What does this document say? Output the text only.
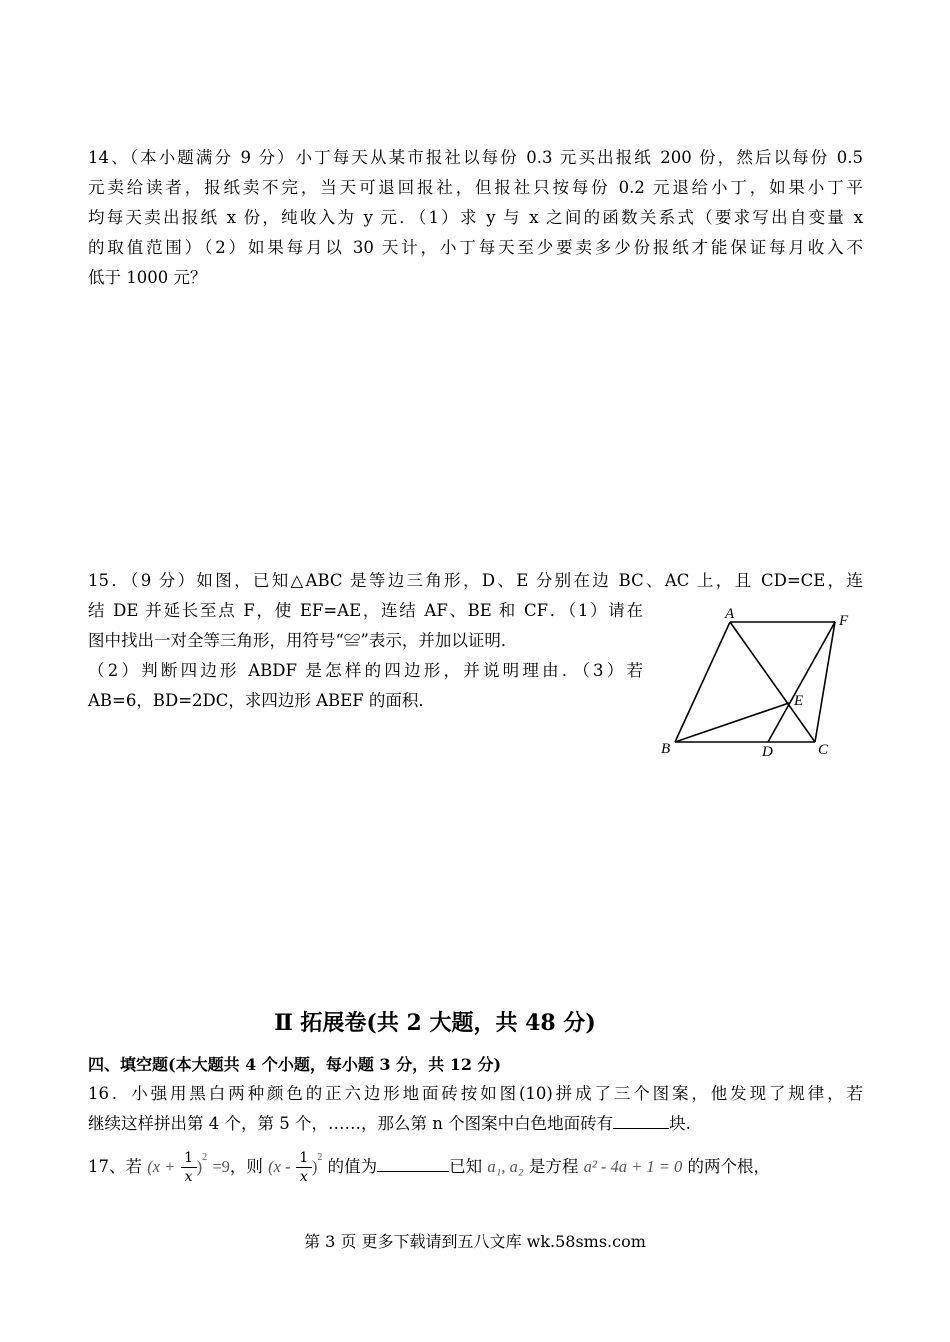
14、（本小题满分 9 分）小丁每天从某市报社以每份 0.3 元买出报纸 200 份，然后以每份 0.5
元卖给读者，报纸卖不完，当天可退回报社，但报社只按每份 0.2 元退给小丁，如果小丁平
均每天卖出报纸 x 份，纯收入为 y 元．（1）求 y 与 x 之间的函数关系式（要求写出自变量 x
的取值范围）（2）如果每月以 30 天计，小丁每天至少要卖多少份报纸才能保证每月收入不
低于 1000 元？
15．（9 分）如图，已知△ABC 是等边三角形，D、E 分别在边 BC、AC 上，且 CD=CE，连
结 DE 并延长至点 F，使 EF=AE，连结 AF、BE 和 CF．（1）请在
图中找出一对全等三角形，用符号“≌”表示，并加以证明．
（2）判断四边形 ABDF 是怎样的四边形，并说明理由．（3）若
AB=6，BD=2DC，求四边形 ABEF 的面积．
A	F
E
B	D	C
Ⅱ 拓展卷(共 2 大题，共 48 分)
四、填空题(本大题共 4 个小题，每小题 3 分，共 12 分)
16．小强用黑白两种颜色的正六边形地面砖按如图(10)拼成了三个图案，他发现了规律，若
继续这样拼出第 4 个，第 5 个，……，那么第 n 个图案中白色地面砖有	块.
17、若 $(x + \frac{1}{x} )^2 =9$，则 $(x - \frac{1}{x} )^2$ 的值为	已知 a₁, a₂ 是方程 a² - 4a + 1 = 0 的两个根，
第 3 页 更多下载请到五八文库 wk.58sms.com
